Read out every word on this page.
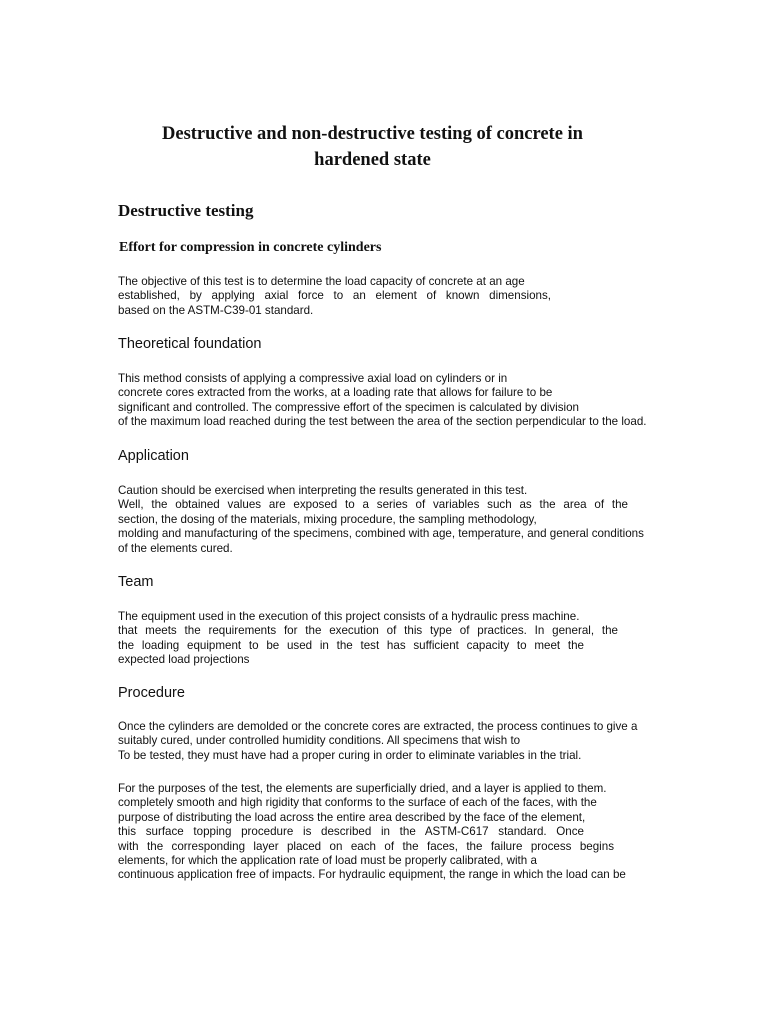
Destructive and non-destructive testing of concrete in
hardened state
Destructive testing
Effort for compression in concrete cylinders

The objective of this test is to determine the load capacity of concrete at an age
established, by applying axial force to an element of known dimensions,
based on the ASTM-C39-01 standard.

Theoretical foundation

This method consists of applying a compressive axial load on cylinders or in
concrete cores extracted from the works, at a loading rate that allows for failure to be
significant and controlled. The compressive effort of the specimen is calculated by division
of the maximum load reached during the test between the area of the section perpendicular to the load.

Application

Caution should be exercised when interpreting the results generated in this test.
Well, the obtained values are exposed to a series of variables such as the area of the
section, the dosing of the materials, mixing procedure, the sampling methodology,
molding and manufacturing of the specimens, combined with age, temperature, and general conditions
of the elements cured.

Team

The equipment used in the execution of this project consists of a hydraulic press machine.
that meets the requirements for the execution of this type of practices. In general, the
the loading equipment to be used in the test has sufficient capacity to meet the
expected load projections

Procedure

Once the cylinders are demolded or the concrete cores are extracted, the process continues to give a
suitably cured, under controlled humidity conditions. All specimens that wish to
To be tested, they must have had a proper curing in order to eliminate variables in the trial.

For the purposes of the test, the elements are superficially dried, and a layer is applied to them.
completely smooth and high rigidity that conforms to the surface of each of the faces, with the
purpose of distributing the load across the entire area described by the face of the element,
this surface topping procedure is described in the ASTM-C617 standard. Once
with the corresponding layer placed on each of the faces, the failure process begins
elements, for which the application rate of load must be properly calibrated, with a
continuous application free of impacts. For hydraulic equipment, the range in which the load can be
